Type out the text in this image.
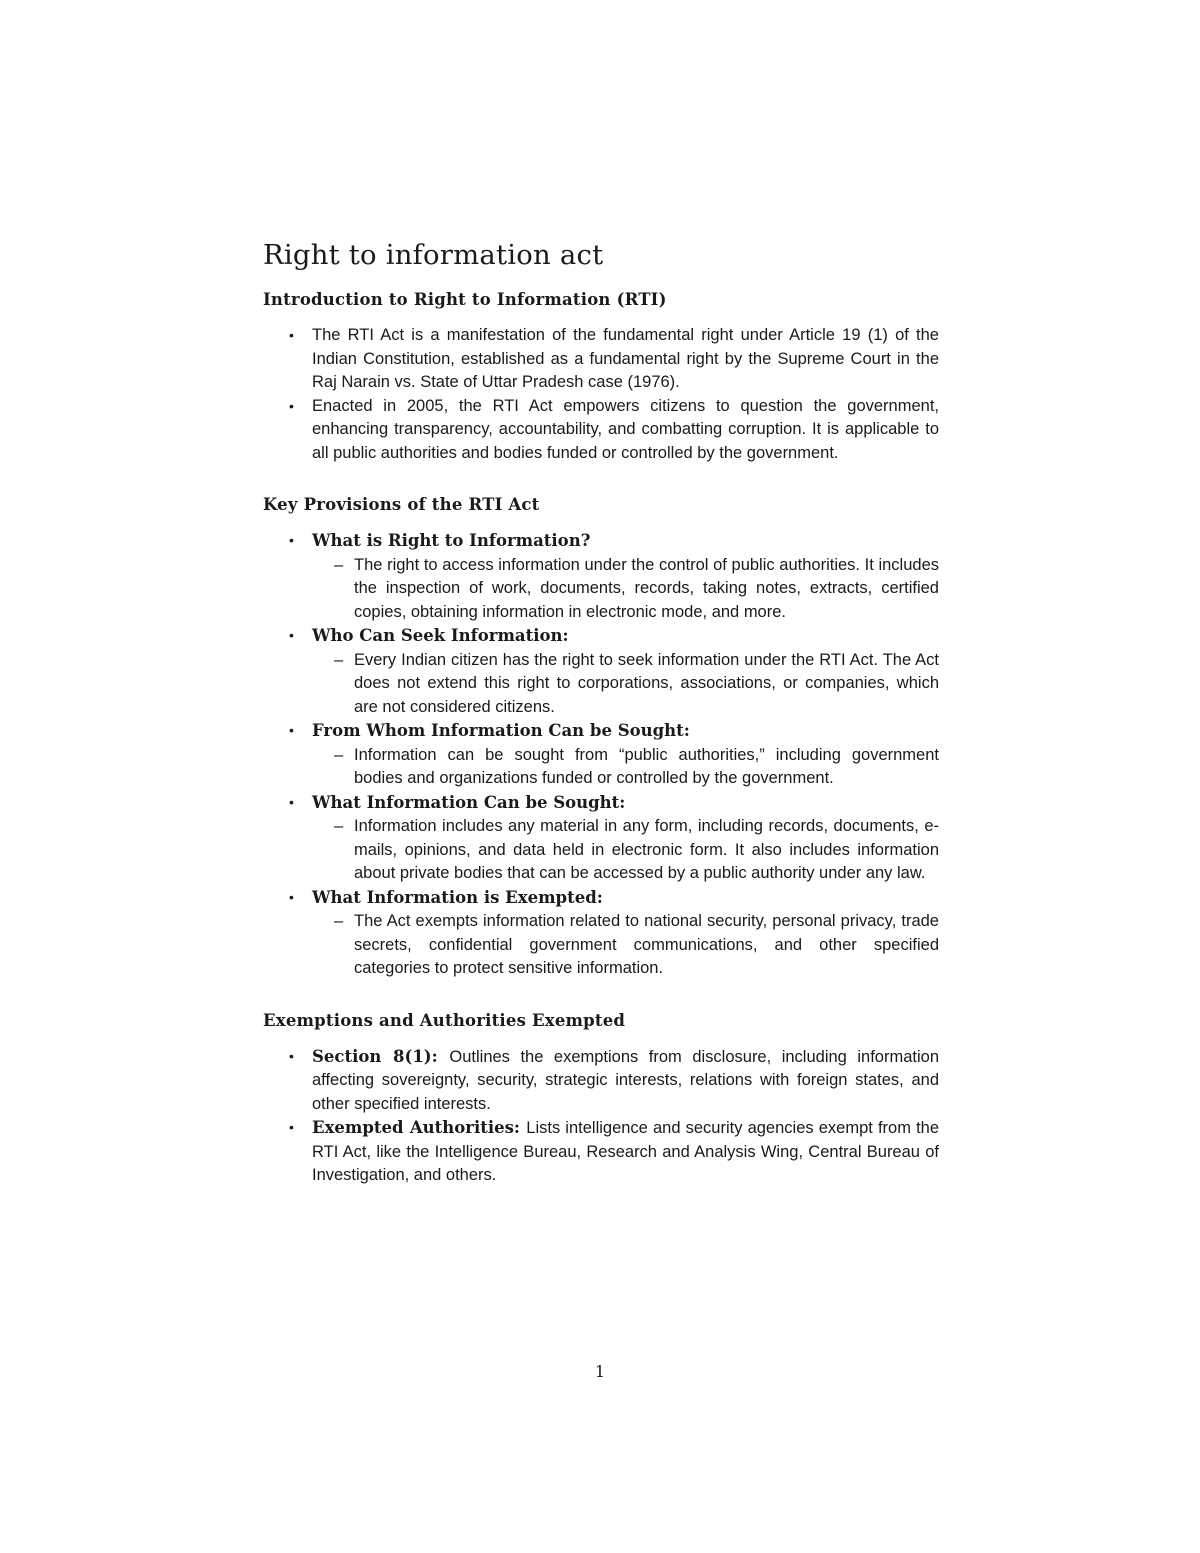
Right to information act
Introduction to Right to Information (RTI)
• The RTI Act is a manifestation of the fundamental right under Article 19 (1) of the Indian Constitution, established as a fundamental right by the Supreme Court in the Raj Narain vs. State of Uttar Pradesh case (1976).
• Enacted in 2005, the RTI Act empowers citizens to question the government, enhancing transparency, accountability, and combatting corruption. It is applicable to all public authorities and bodies funded or controlled by the government.
Key Provisions of the RTI Act
• What is Right to Information?
– The right to access information under the control of public authorities. It includes the inspection of work, documents, records, taking notes, extracts, certified copies, obtaining information in electronic mode, and more.
• Who Can Seek Information:
– Every Indian citizen has the right to seek information under the RTI Act. The Act does not extend this right to corporations, associations, or companies, which are not considered citizens.
• From Whom Information Can be Sought:
– Information can be sought from “public authorities,” including government bodies and organizations funded or controlled by the government.
• What Information Can be Sought:
– Information includes any material in any form, including records, documents, e-mails, opinions, and data held in electronic form. It also includes information about private bodies that can be accessed by a public authority under any law.
• What Information is Exempted:
– The Act exempts information related to national security, personal privacy, trade secrets, confidential government communications, and other specified categories to protect sensitive information.
Exemptions and Authorities Exempted
• Section 8(1): Outlines the exemptions from disclosure, including information affecting sovereignty, security, strategic interests, relations with foreign states, and other specified interests.
• Exempted Authorities: Lists intelligence and security agencies exempt from the RTI Act, like the Intelligence Bureau, Research and Analysis Wing, Central Bureau of Investigation, and others.
1
